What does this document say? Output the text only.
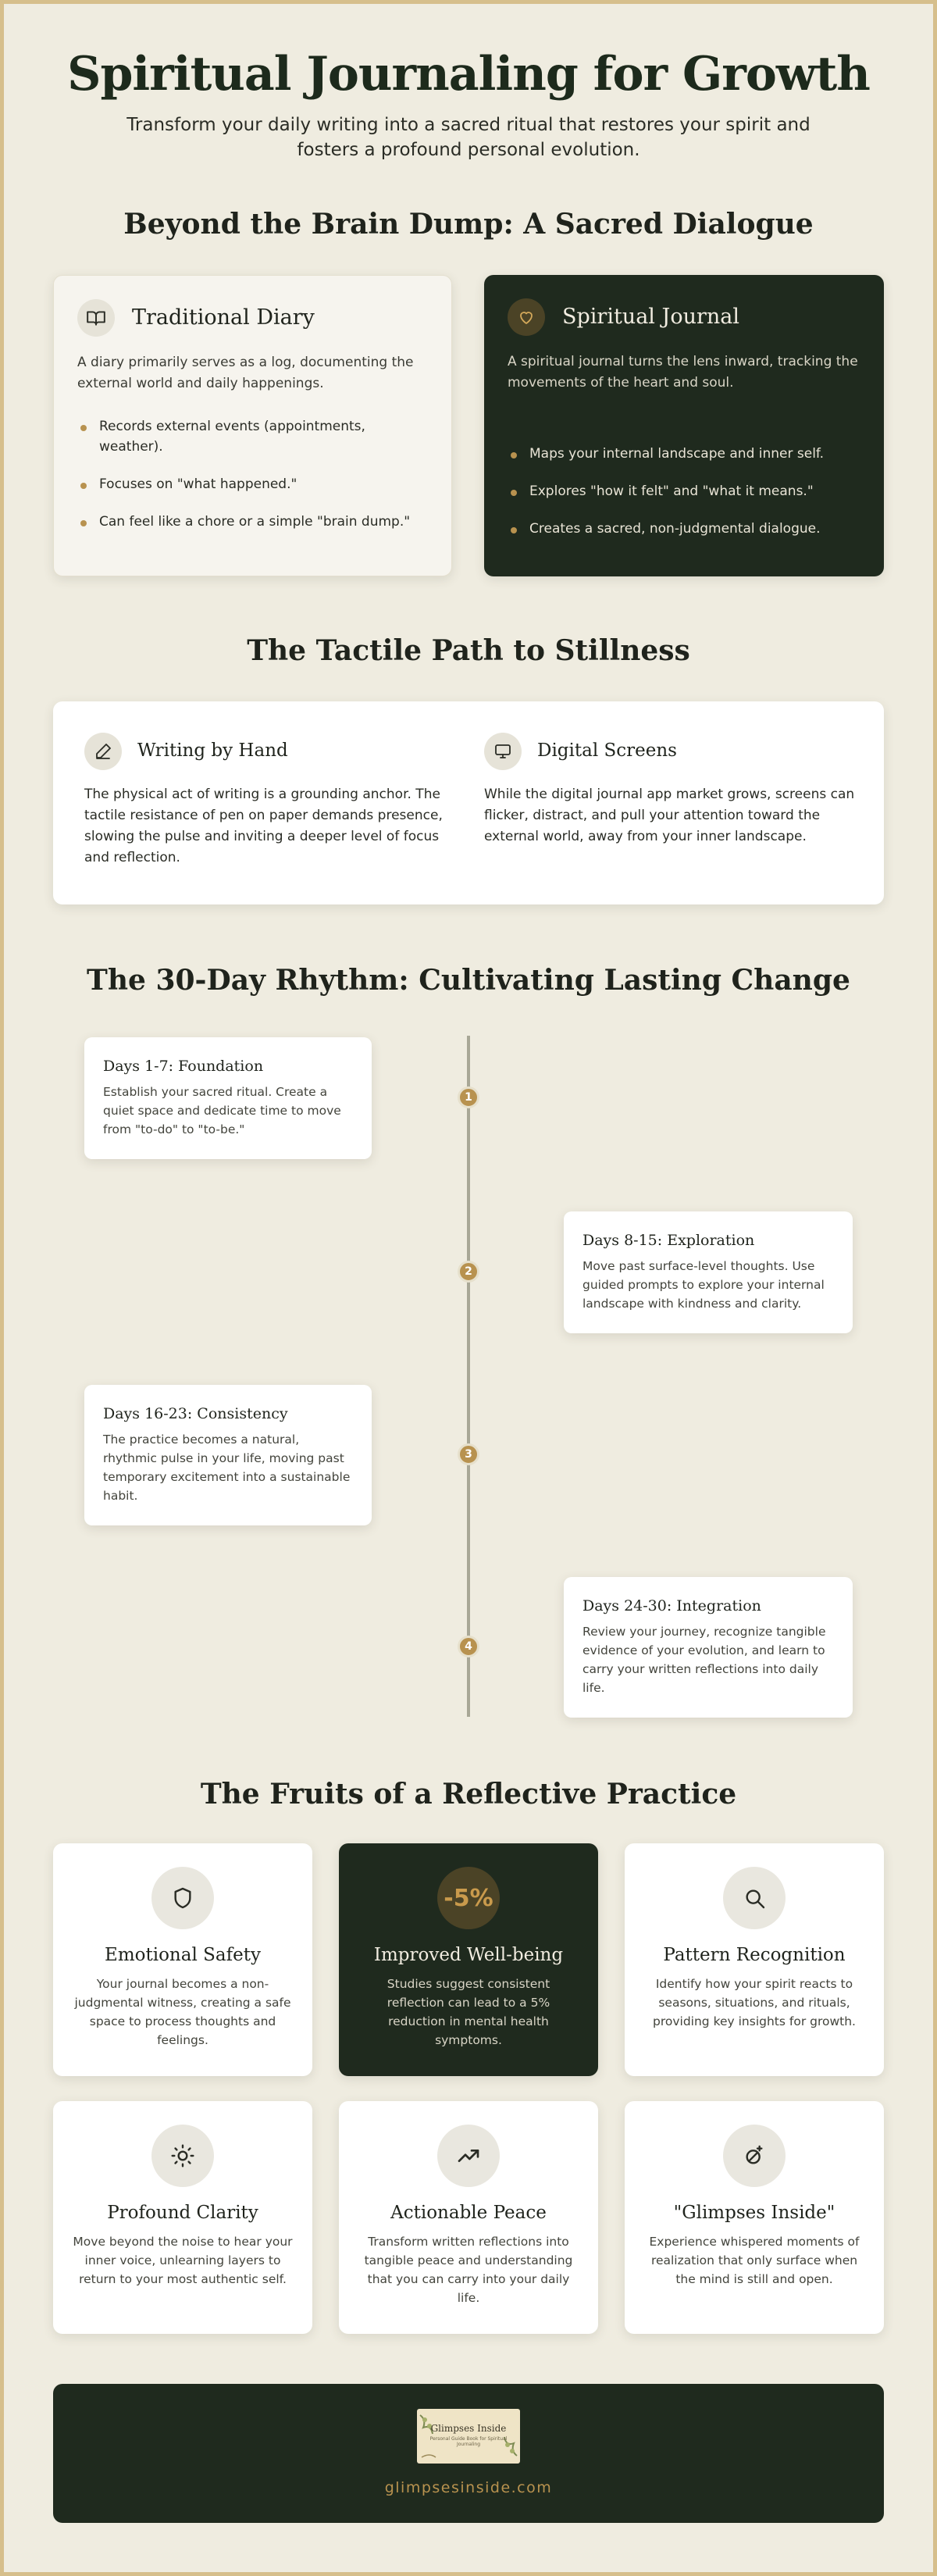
Spiritual Journaling for Growth

Transform your daily writing into a sacred ritual that restores your spirit and fosters a profound personal evolution.

Beyond the Brain Dump: A Sacred Dialogue
Traditional Diary
A diary primarily serves as a log, documenting the external world and daily happenings.
Records external events (appointments, weather).
Focuses on "what happened."
Can feel like a chore or a simple "brain dump."
Spiritual Journal
A spiritual journal turns the lens inward, tracking the movements of the heart and soul.
Maps your internal landscape and inner self.
Explores "how it felt" and "what it means."
Creates a sacred, non-judgmental dialogue.
The Tactile Path to Stillness
Writing by Hand
The physical act of writing is a grounding anchor. The tactile resistance of pen on paper demands presence, slowing the pulse and inviting a deeper level of focus and reflection.
Digital Screens
While the digital journal app market grows, screens can flicker, distract, and pull your attention toward the external world, away from your inner landscape.
The 30-Day Rhythm: Cultivating Lasting Change
Days 1-7: Foundation
Establish your sacred ritual. Create a quiet space and dedicate time to move from "to-do" to "to-be."
1
Days 8-15: Exploration
Move past surface-level thoughts. Use guided prompts to explore your internal landscape with kindness and clarity.
2
Days 16-23: Consistency
The practice becomes a natural, rhythmic pulse in your life, moving past temporary excitement into a sustainable habit.
3
Days 24-30: Integration
Review your journey, recognize tangible evidence of your evolution, and learn to carry your written reflections into daily life.
4
The Fruits of a Reflective Practice
Emotional Safety
Your journal becomes a non-judgmental witness, creating a safe space to process thoughts and feelings.
-5%
Improved Well-being
Studies suggest consistent reflection can lead to a 5% reduction in mental health symptoms.
Pattern Recognition
Identify how your spirit reacts to seasons, situations, and rituals, providing key insights for growth.
Profound Clarity
Move beyond the noise to hear your inner voice, unlearning layers to return to your most authentic self.
Actionable Peace
Transform written reflections into tangible peace and understanding that you can carry into your daily life.
"Glimpses Inside"
Experience whispered moments of realization that only surface when the mind is still and open.
Glimpses Inside
Personal Guide Book for Spiritual Journaling
glimpsesinside.com
